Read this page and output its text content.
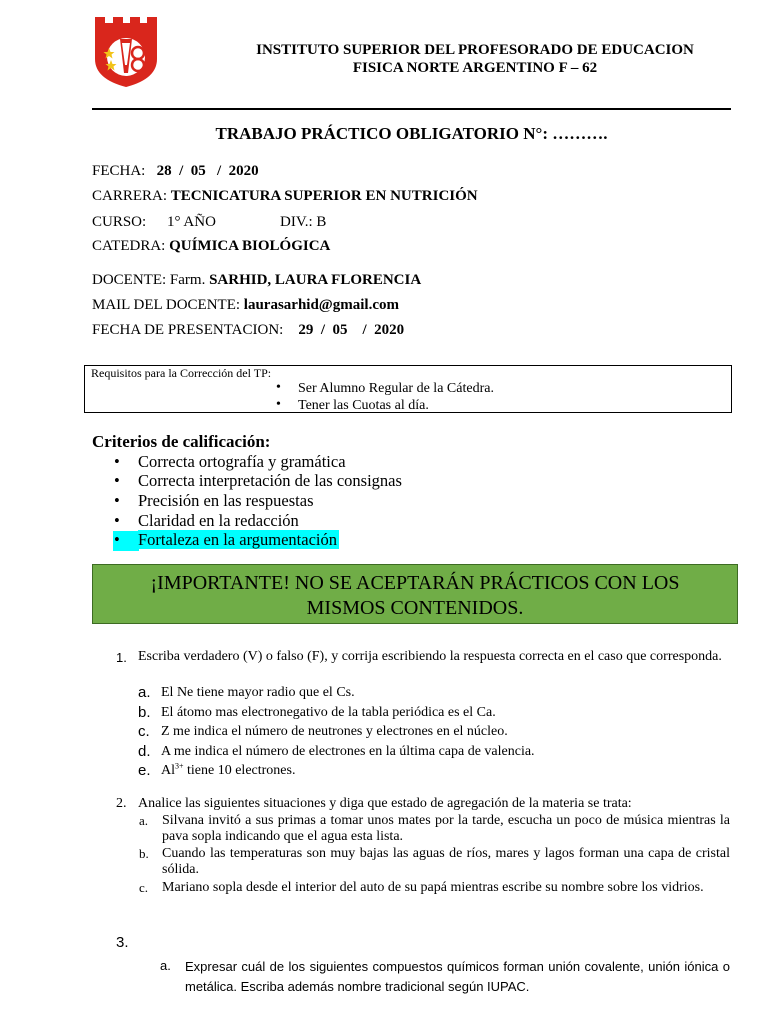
INSTITUTO SUPERIOR DEL PROFESORADO DE EDUCACION
FISICA NORTE ARGENTINO F – 62
TRABAJO PRÁCTICO OBLIGATORIO N°: ……….
FECHA:   28  /  05   /  2020
CARRERA: TECNICATURA SUPERIOR EN NUTRICIÓN
CURSO: 1° AÑO	DIV.: B
CATEDRA: QUÍMICA BIOLÓGICA
DOCENTE: Farm. SARHID, LAURA FLORENCIA
MAIL DEL DOCENTE: laurasarhid@gmail.com
FECHA DE PRESENTACION:    29  /  05    /  2020
Requisitos para la Corrección del TP:
• Ser Alumno Regular de la Cátedra.
• Tener las Cuotas al día.
Criterios de calificación:
• Correcta ortografía y gramática
• Correcta interpretación de las consignas
• Precisión en las respuestas
• Claridad en la redacción
• Fortaleza en la argumentación
¡IMPORTANTE! NO SE ACEPTARÁN PRÁCTICOS CON LOS
MISMOS CONTENIDOS.
1. Escriba verdadero (V) o falso (F), y corrija escribiendo la respuesta correcta en el caso que corresponda.
a. El Ne tiene mayor radio que el Cs.
b. El átomo mas electronegativo de la tabla periódica es el Ca.
c. Z me indica el número de neutrones y electrones en el núcleo.
d. A me indica el número de electrones en la última capa de valencia.
e. $Al^{3+}$ tiene 10 electrones.
2. Analice las siguientes situaciones y diga que estado de agregación de la materia se trata:
a. Silvana invitó a sus primas a tomar unos mates por la tarde, escucha un poco de música mientras la pava sopla indicando que el agua esta lista.
b. Cuando las temperaturas son muy bajas las aguas de ríos, mares y lagos forman una capa de cristal sólida.
c. Mariano sopla desde el interior del auto de su papá mientras escribe su nombre sobre los vidrios.
3.
a. Expresar cuál de los siguientes compuestos químicos forman unión covalente, unión iónica o metálica. Escriba además nombre tradicional según IUPAC.
